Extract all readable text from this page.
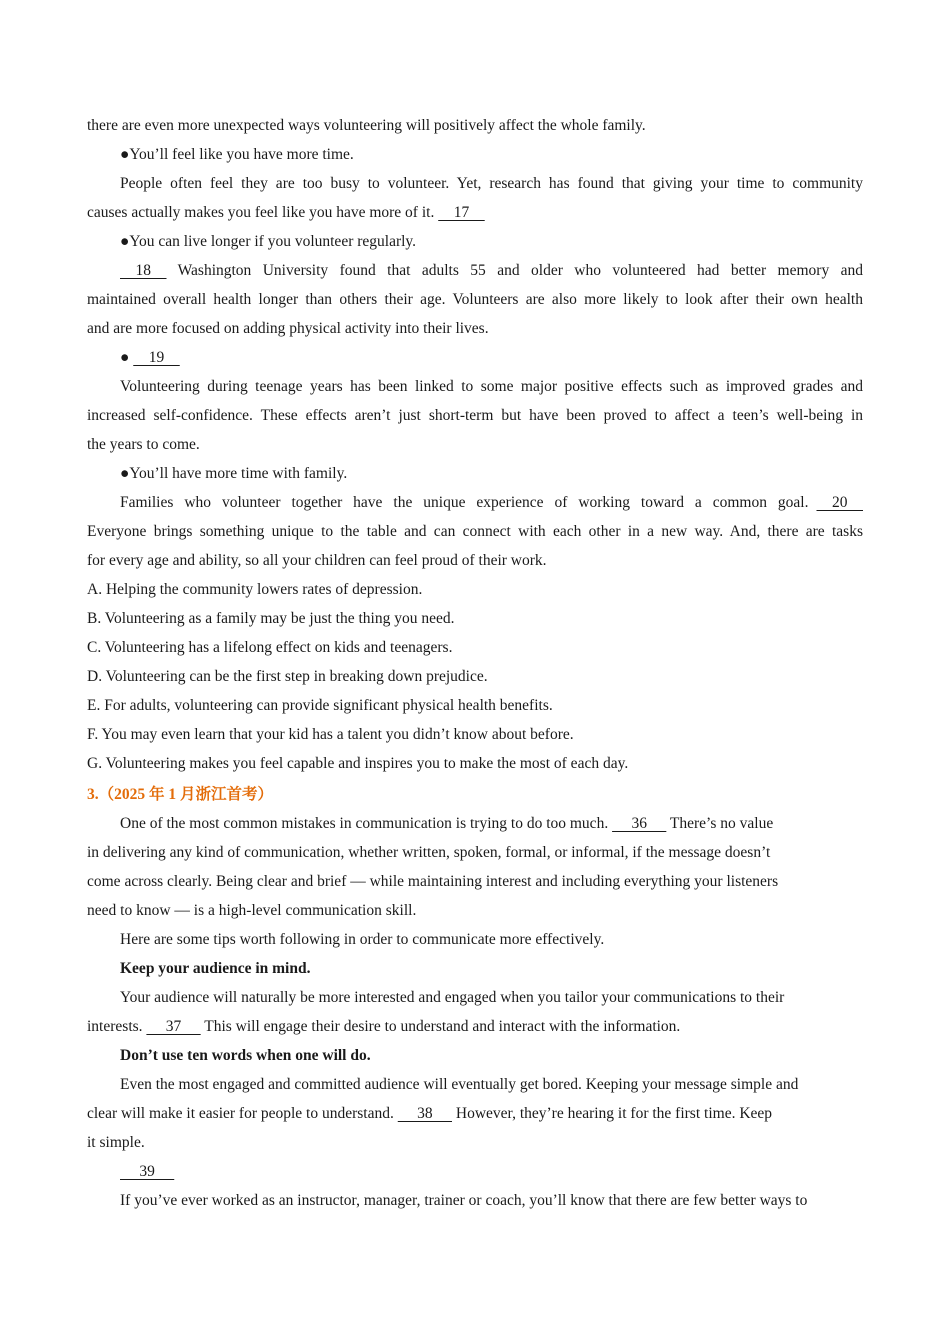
there are even more unexpected ways volunteering will positively affect the whole family.
●You’ll feel like you have more time.
People often feel they are too busy to volunteer. Yet, research has found that giving your time to community
causes actually makes you feel like you have more of it.     17
●You can live longer if you volunteer regularly.
18 Washington University found that adults 55 and older who volunteered had better memory and
maintained overall health longer than others their age. Volunteers are also more likely to look after their own health
and are more focused on adding physical activity into their lives.
●     19
Volunteering during teenage years has been linked to some major positive effects such as improved grades and
increased self-confidence. These effects aren’t just short-term but have been proved to affect a teen’s well-being in
the years to come.
●You’ll have more time with family.
Families who volunteer together have the unique experience of working toward a common goal. 20
Everyone brings something unique to the table and can connect with each other in a new way. And, there are tasks
for every age and ability, so all your children can feel proud of their work.
A. Helping the community lowers rates of depression.
B. Volunteering as a family may be just the thing you need.
C. Volunteering has a lifelong effect on kids and teenagers.
D. Volunteering can be the first step in breaking down prejudice.
E. For adults, volunteering can provide significant physical health benefits.
F. You may even learn that your kid has a talent you didn’t know about before.
G. Volunteering makes you feel capable and inspires you to make the most of each day.
3.（2025 年 1 月浙江首考）
One of the most common mistakes in communication is trying to do too much.      36      There’s no value
in delivering any kind of communication, whether written, spoken, formal, or informal, if the message doesn’t
come across clearly. Being clear and brief — while maintaining interest and including everything your listeners
need to know — is a high-level communication skill.
Here are some tips worth following in order to communicate more effectively.
Keep your audience in mind.
Your audience will naturally be more interested and engaged when you tailor your communications to their
interests.      37      This will engage their desire to understand and interact with the information.
Don’t use ten words when one will do.
Even the most engaged and committed audience will eventually get bored. Keeping your message simple and
clear will make it easier for people to understand.      38      However, they’re hearing it for the first time. Keep
it simple.
39
If you’ve ever worked as an instructor, manager, trainer or coach, you’ll know that there are few better ways to
